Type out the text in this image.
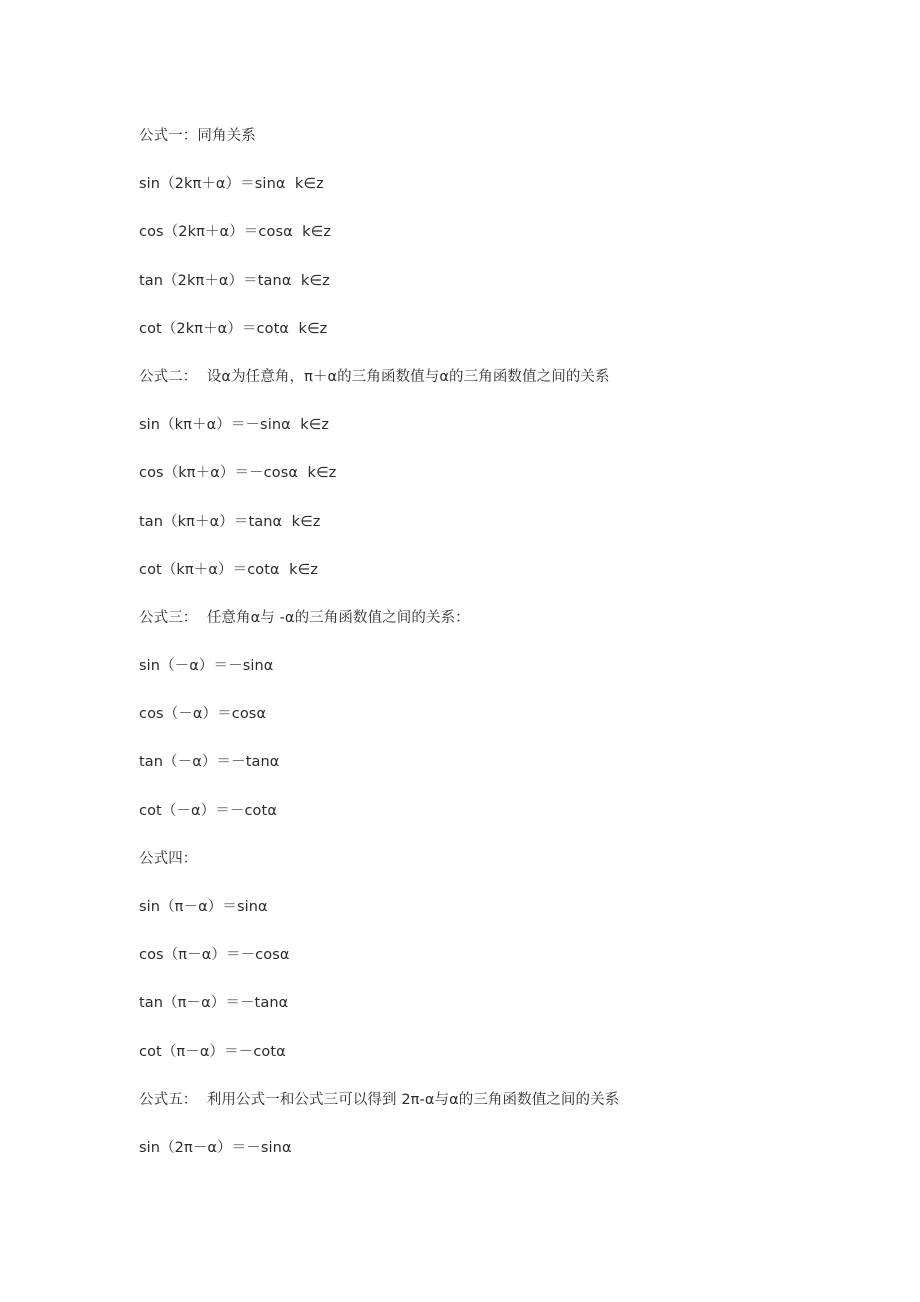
公式一：同角关系
sin（2kπ＋α）＝sinα  k∈z
cos（2kπ＋α）＝cosα  k∈z
tan（2kπ＋α）＝tanα  k∈z
cot（2kπ＋α）＝cotα  k∈z
公式二：  设α为任意角，π＋α的三角函数值与α的三角函数值之间的关系
sin（kπ＋α）＝－sinα  k∈z
cos（kπ＋α）＝－cosα  k∈z
tan（kπ＋α）＝tanα  k∈z
cot（kπ＋α）＝cotα  k∈z
公式三：  任意角α与 -α的三角函数值之间的关系：
sin（－α）＝－sinα
cos（－α）＝cosα
tan（－α）＝－tanα
cot（－α）＝－cotα
公式四：
sin（π－α）＝sinα
cos（π－α）＝－cosα
tan（π－α）＝－tanα
cot（π－α）＝－cotα
公式五：  利用公式一和公式三可以得到 2π-α与α的三角函数值之间的关系
sin（2π－α）＝－sinα
